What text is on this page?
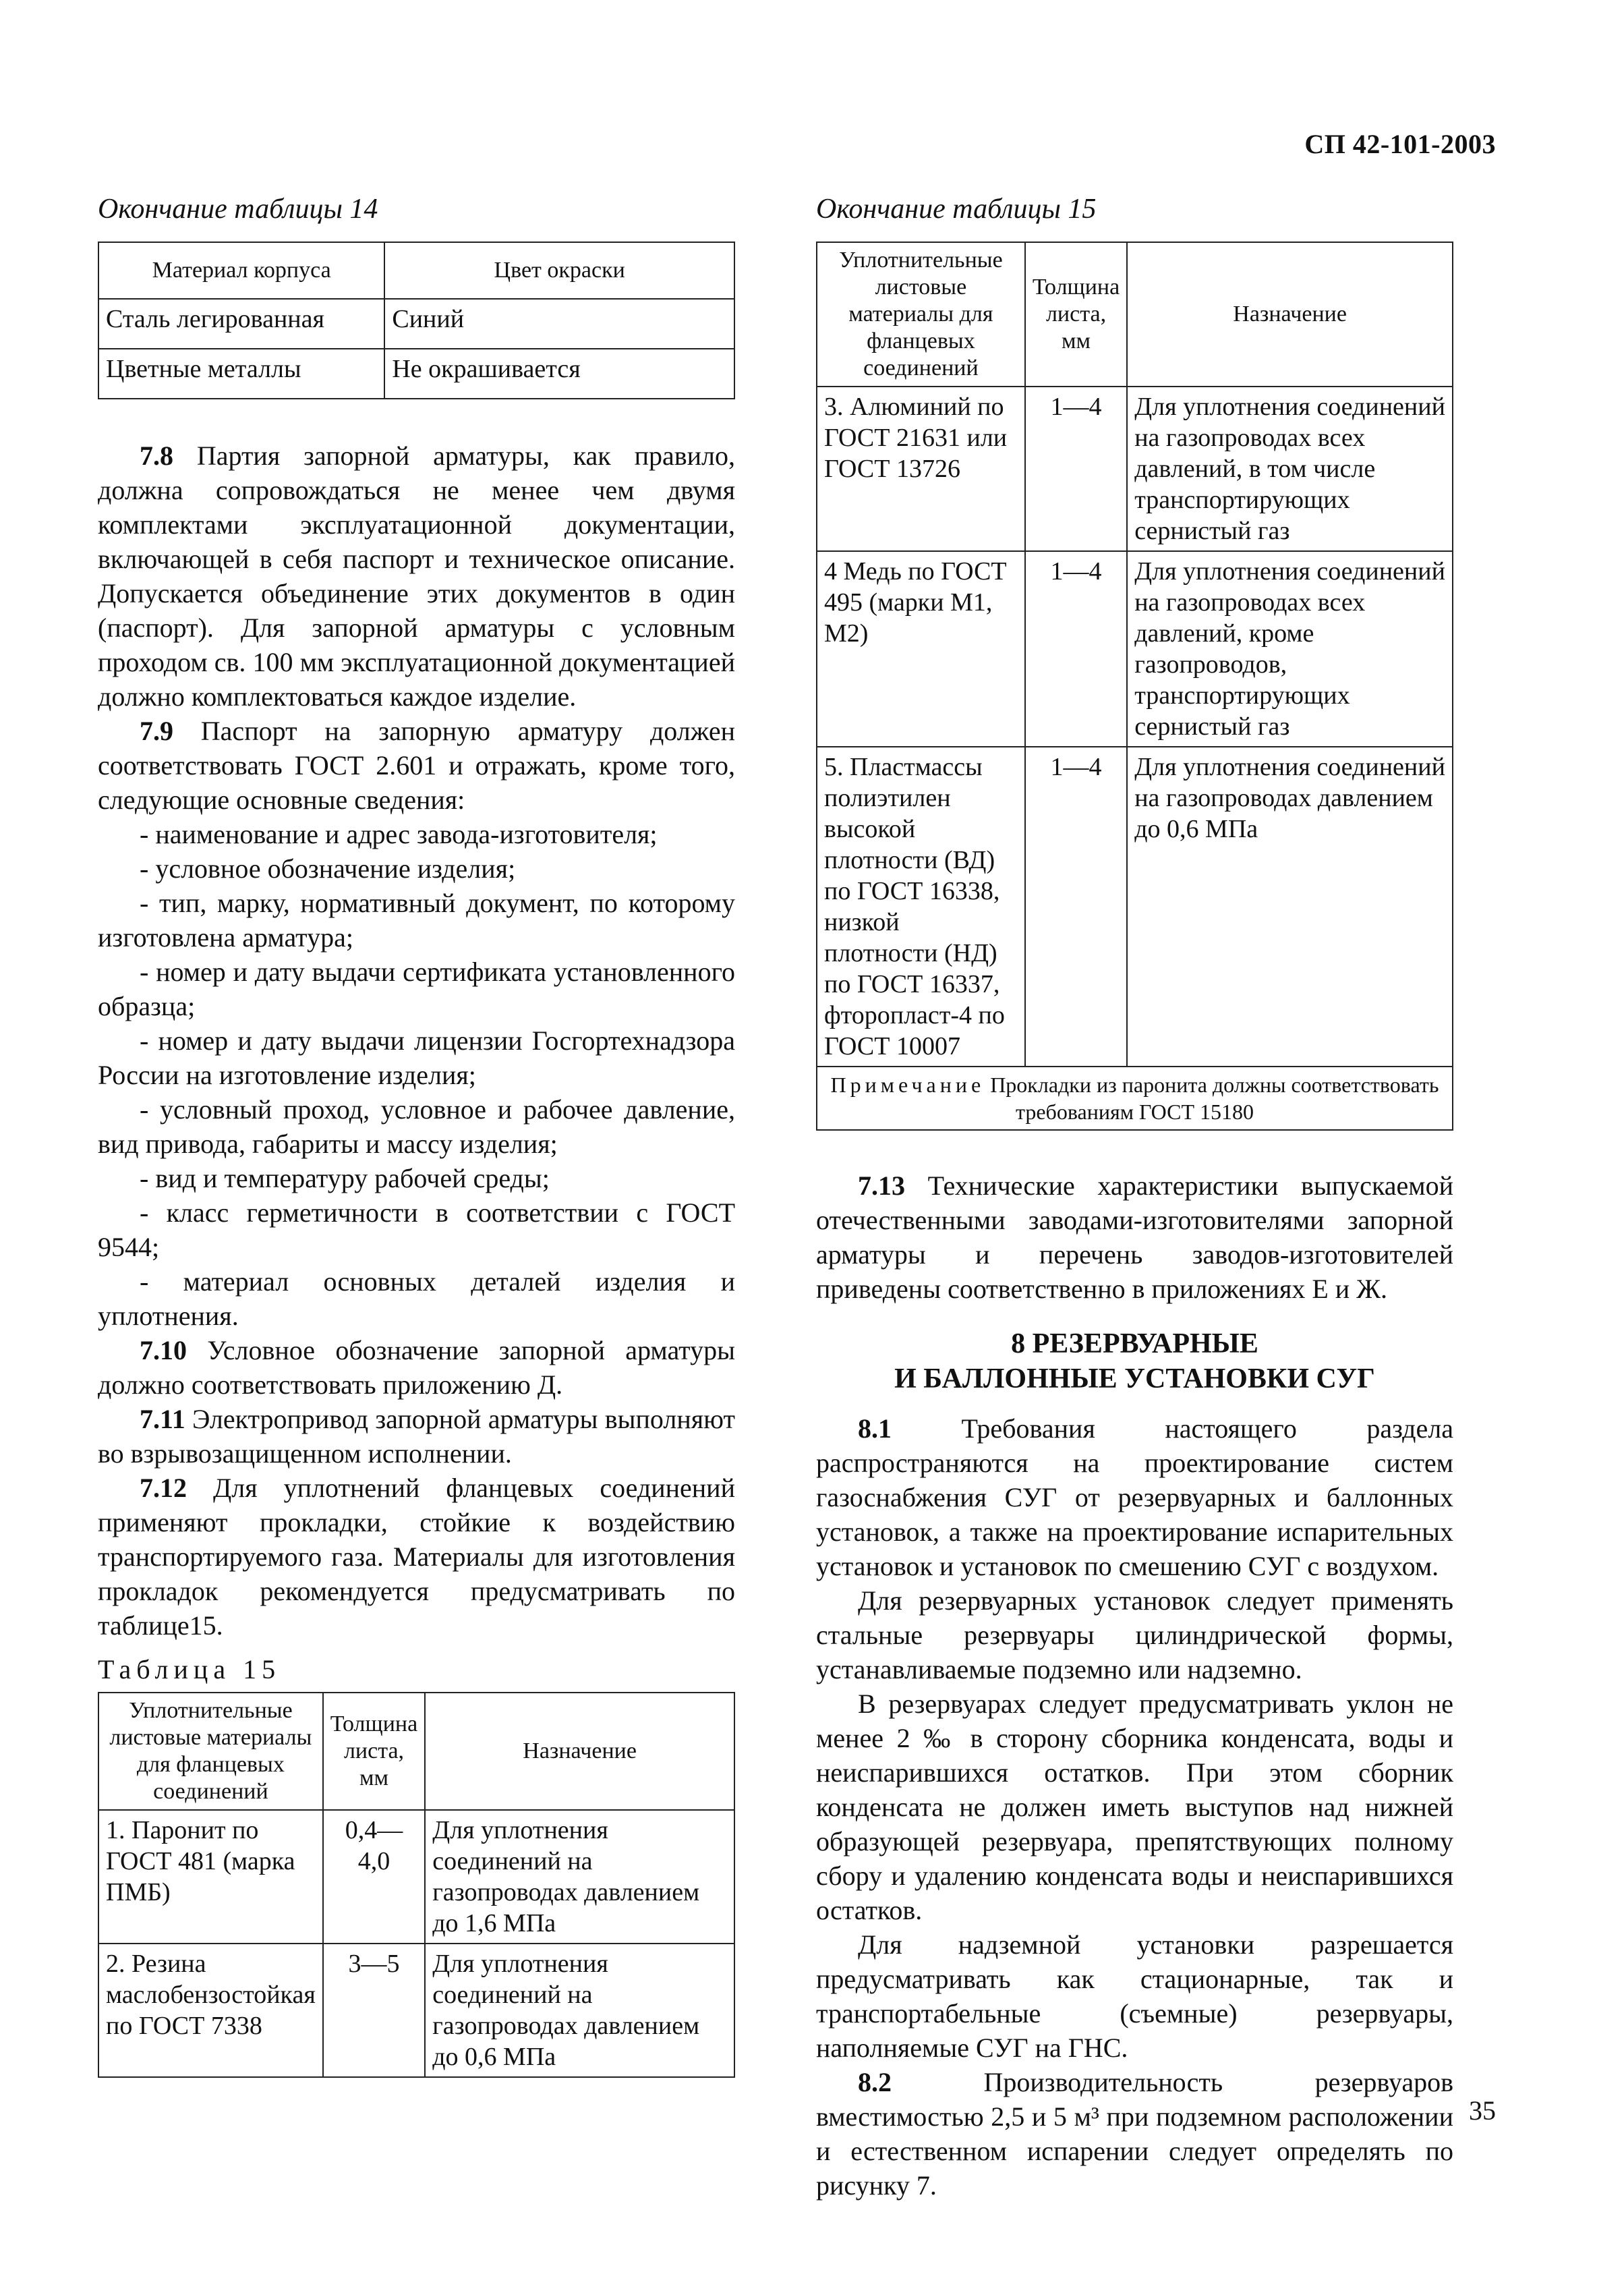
СП 42-101-2003
Окончание таблицы 14
Материал корпуса	Цвет окраски
Сталь легированная	Синий
Цветные металлы	Не окрашивается

7.8 Партия запорной арматуры, как правило, должна сопровождаться не менее чем двумя комплектами эксплуатационной документации, включающей в себя паспорт и техническое описание. Допускается объединение этих документов в один (паспорт). Для запорной арматуры с условным проходом св. 100 мм эксплуатационной документацией должно комплектоваться каждое изделие.

7.9 Паспорт на запорную арматуру должен соответствовать ГОСТ 2.601 и отражать, кроме того, следующие основные сведения:

- наименование и адрес завода-изготовителя;

- условное обозначение изделия;

- тип, марку, нормативный документ, по которому изготовлена арматура;

- номер и дату выдачи сертификата установленного образца;

- номер и дату выдачи лицензии Госгортехнадзора России на изготовление изделия;

- условный проход, условное и рабочее давление, вид привода, габариты и массу изделия;

- вид и температуру рабочей среды;

- класс герметичности в соответствии с ГОСТ 9544;

- материал основных деталей изделия и уплотнения.

7.10 Условное обозначение запорной арматуры должно соответствовать приложению Д.

7.11 Электропривод запорной арматуры выполняют во взрывозащищенном исполнении.

7.12 Для уплотнений фланцевых соединений применяют прокладки, стойкие к воздействию транспортируемого газа. Материалы для изготовления прокладок рекомендуется предусматривать по таблице15.

Таблица 15
Уплотнительные листовые материалы для фланцевых соединений	Толщина листа, мм	Назначение
1. Паронит по ГОСТ 481 (марка ПМБ)	0,4—4,0	Для уплотнения соединений на газопроводах давлением до 1,6 МПа
2. Резина маслобензостойкая по ГОСТ 7338	3—5	Для уплотнения соединений на газопроводах давлением до 0,6 МПа
Окончание таблицы 15
Уплотнительные листовые материалы для фланцевых соединений	Толщина листа, мм	Назначение
3. Алюминий по ГОСТ 21631 или ГОСТ 13726	1—4	Для уплотнения соединений на газопроводах всех давлений, в том числе транспортирующих сернистый газ
4 Медь по ГОСТ 495 (марки М1, М2)	1—4	Для уплотнения соединений на газопроводах всех давлений, кроме газопроводов, транспортирующих сернистый газ
5. Пластмассы полиэтилен высокой плотности (ВД) по ГОСТ 16338, низкой плотности (НД) по ГОСТ 16337, фторопласт-4 по ГОСТ 10007	1—4	Для уплотнения соединений на газопроводах давлением до 0,6 МПа
Примечание Прокладки из паронита должны соответствовать требованиям ГОСТ 15180		

7.13 Технические характеристики выпускаемой отечественными заводами-изготовителями запорной арматуры и перечень заводов-изготовителей приведены соответственно в приложениях Е и Ж.

8 РЕЗЕРВУАРНЫЕ
И БАЛЛОННЫЕ УСТАНОВКИ СУГ

8.1 Требования настоящего раздела распространяются на проектирование систем газоснабжения СУГ от резервуарных и баллонных установок, а также на проектирование испарительных установок и установок по смешению СУГ с воздухом.

Для резервуарных установок следует применять стальные резервуары цилиндрической формы, устанавливаемые подземно или надземно.

В резервуарах следует предусматривать уклон не менее 2 ‰ в сторону сборника конденсата, воды и неиспарившихся остатков. При этом сборник конденсата не должен иметь выступов над нижней образующей резервуара, препятствующих полному сбору и удалению конденсата воды и неиспарившихся остатков.

Для надземной установки разрешается предусматривать как стационарные, так и транспортабельные (съемные) резервуары, наполняемые СУГ на ГНС.

8.2 Производительность резервуаров вместимостью 2,5 и 5 м³ при подземном расположении и естественном испарении следует определять по рисунку 7.

35
